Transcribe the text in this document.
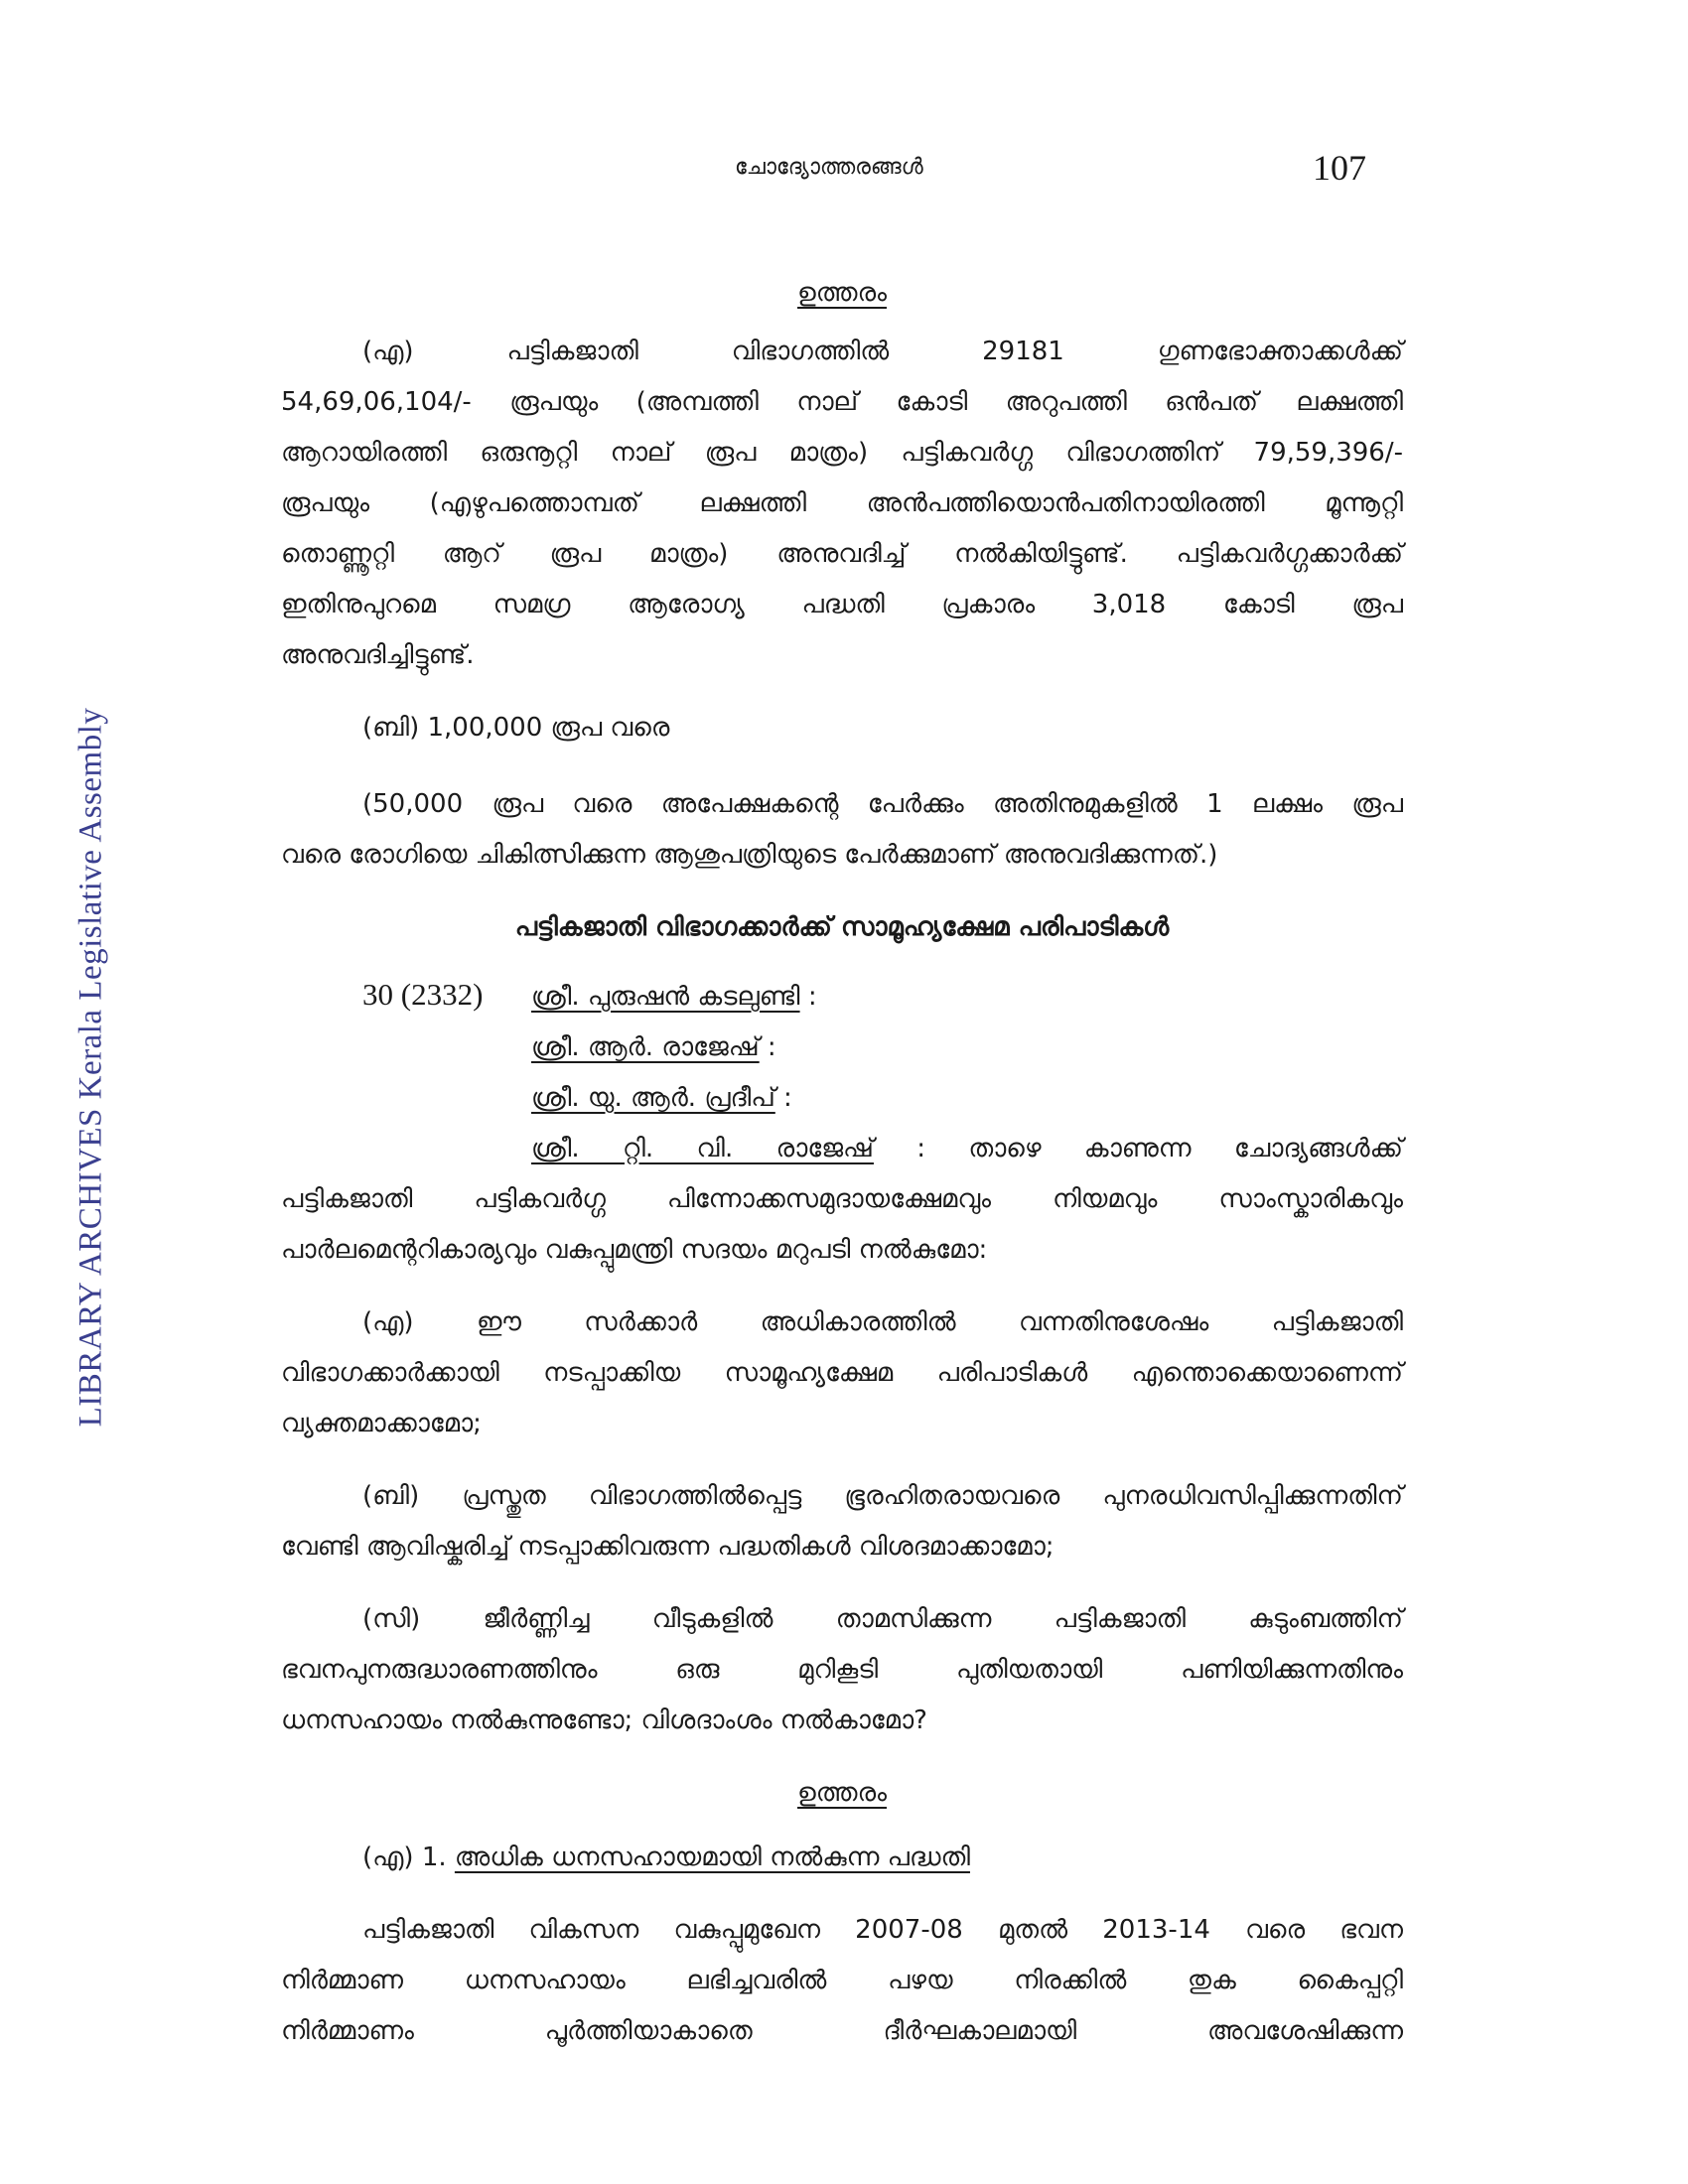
LIBRARY ARCHIVES Kerala Legislative Assembly
ചോദ്യോത്തരങ്ങൾ	107
ഉത്തരം
(എ) പട്ടികജാതി വിഭാഗത്തിൽ 29181 ഗുണഭോക്താക്കൾക്ക്
54,69,06,104/- രൂപയും (അമ്പത്തി നാല് കോടി അറുപത്തി ഒൻപത് ലക്ഷത്തി
ആറായിരത്തി ഒരുനൂറ്റി നാല് രൂപ മാത്രം) പട്ടികവർഗ്ഗ വിഭാഗത്തിന് 79,59,396/-
രൂപയും (എഴുപത്തൊമ്പത് ലക്ഷത്തി അൻപത്തിയൊൻപതിനായിരത്തി മൂന്നൂറ്റി
തൊണ്ണൂറ്റി ആറ് രൂപ മാത്രം) അനുവദിച്ച് നൽകിയിട്ടുണ്ട്. പട്ടികവർഗ്ഗക്കാർക്ക്
ഇതിനുപുറമെ സമഗ്ര ആരോഗ്യ പദ്ധതി പ്രകാരം 3,018 കോടി രൂപ
അനുവദിച്ചിട്ടുണ്ട്.
(ബി) 1,00,000 രൂപ വരെ
(50,000 രൂപ വരെ അപേക്ഷകന്റെ പേർക്കും അതിനുമുകളിൽ 1 ലക്ഷം രൂപ
വരെ രോഗിയെ ചികിത്സിക്കുന്ന ആശുപത്രിയുടെ പേർക്കുമാണ് അനുവദിക്കുന്നത്.)
പട്ടികജാതി വിഭാഗക്കാർക്ക് സാമൂഹ്യക്ഷേമ പരിപാടികൾ
30 (2332) ശ്രീ. പുരുഷൻ കടലുണ്ടി :
ശ്രീ. ആർ. രാജേഷ് :
ശ്രീ. യു. ആർ. പ്രദീപ് :
ശ്രീ. റ്റി. വി. രാജേഷ് : താഴെ കാണുന്ന ചോദ്യങ്ങൾക്ക്
പട്ടികജാതി പട്ടികവർഗ്ഗ പിന്നോക്കസമുദായക്ഷേമവും നിയമവും സാംസ്കാരികവും
പാർലമെന്ററികാര്യവും വകുപ്പുമന്ത്രി സദയം മറുപടി നൽകുമോ:
(എ) ഈ സർക്കാർ അധികാരത്തിൽ വന്നതിനുശേഷം പട്ടികജാതി
വിഭാഗക്കാർക്കായി നടപ്പാക്കിയ സാമൂഹ്യക്ഷേമ പരിപാടികൾ എന്തൊക്കെയാണെന്ന്
വ്യക്തമാക്കാമോ;
(ബി) പ്രസ്തുത വിഭാഗത്തിൽപ്പെട്ട ഭൂരഹിതരായവരെ പുനരധിവസിപ്പിക്കുന്നതിന്
വേണ്ടി ആവിഷ്കരിച്ച് നടപ്പാക്കിവരുന്ന പദ്ധതികൾ വിശദമാക്കാമോ;
(സി) ജീർണ്ണിച്ച വീടുകളിൽ താമസിക്കുന്ന പട്ടികജാതി കുടുംബത്തിന്
ഭവനപുനരുദ്ധാരണത്തിനും ഒരു മുറികൂടി പുതിയതായി പണിയിക്കുന്നതിനും
ധനസഹായം നൽകുന്നുണ്ടോ; വിശദാംശം നൽകാമോ?
ഉത്തരം
(എ) 1. അധിക ധനസഹായമായി നൽകുന്ന പദ്ധതി
പട്ടികജാതി വികസന വകുപ്പുമുഖേന 2007-08 മുതൽ 2013-14 വരെ ഭവന
നിർമ്മാണ ധനസഹായം ലഭിച്ചവരിൽ പഴയ നിരക്കിൽ തുക കൈപ്പറ്റി
നിർമ്മാണം പൂർത്തിയാകാതെ ദീർഘകാലമായി അവശേഷിക്കുന്ന
